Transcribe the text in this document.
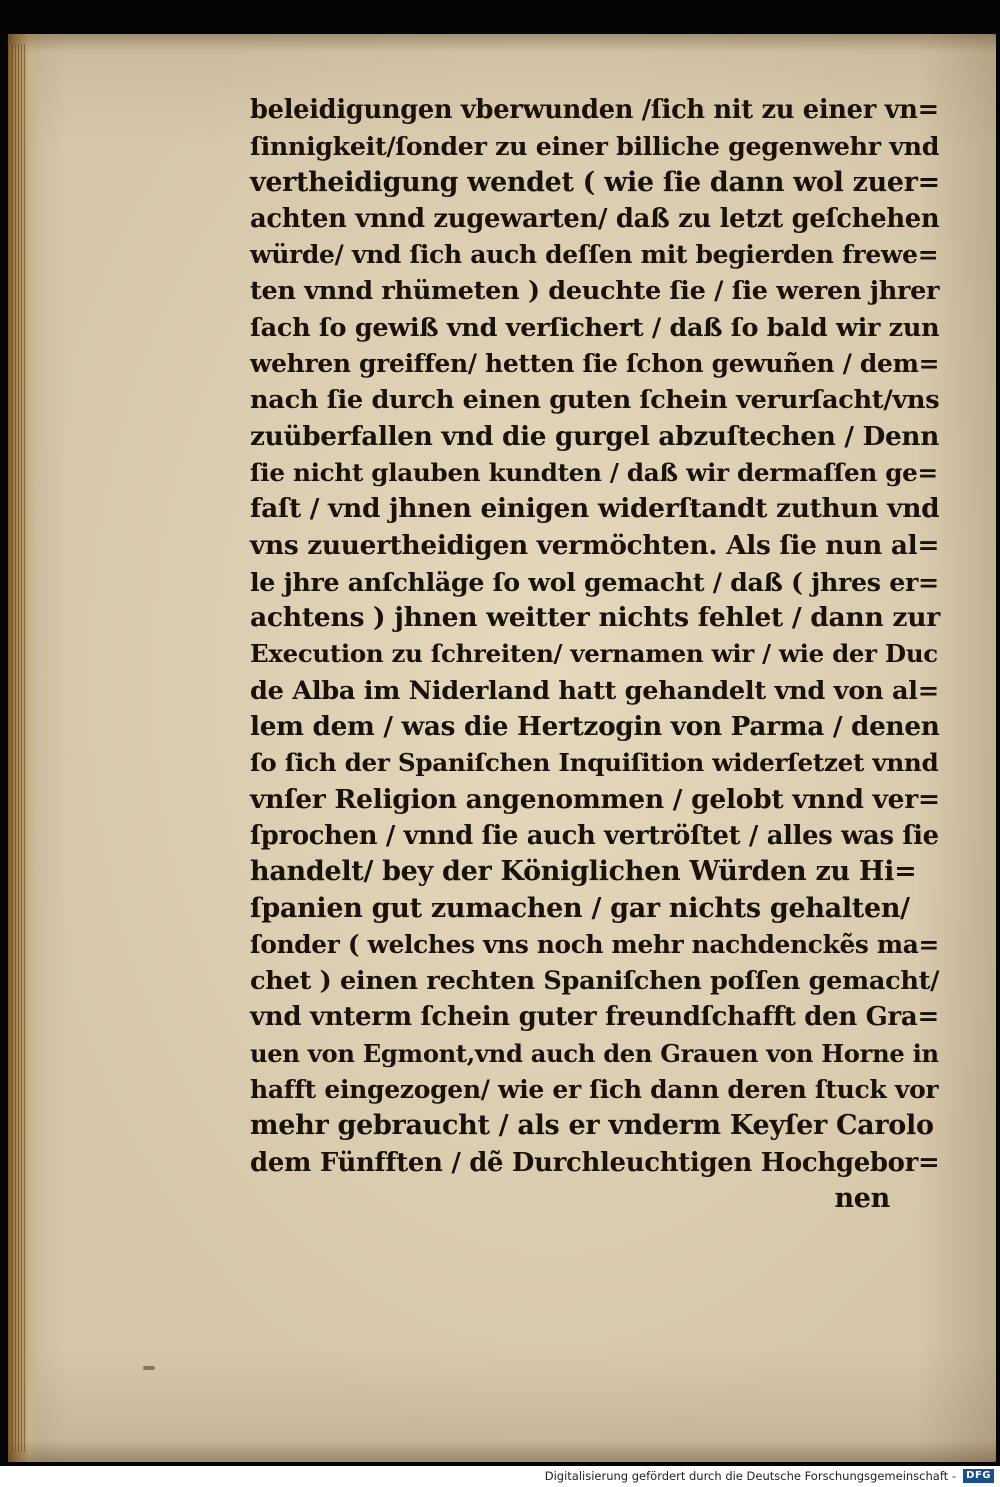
beleidigungen vberwunden /ſich nit zu einer vn=
ſinnigkeit/ſonder zu einer billiche gegenwehr vnd
vertheidigung wendet ( wie ſie dann wol zuer=
achten vnnd zugewarten/ daß zu letzt geſchehen
würde/ vnd ſich auch deſſen mit begierden frewe=
ten vnnd rhümeten ) deuchte ſie / ſie weren jhrer
ſach ſo gewiß vnd verſichert / daß ſo bald wir zun
wehren greiffen/ hetten ſie ſchon gewuñen / dem=
nach ſie durch einen guten ſchein verurſacht/vns
zuüberfallen vnd die gurgel abzuſtechen / Denn
ſie nicht glauben kundten / daß wir dermaſſen ge=
faſt / vnd jhnen einigen widerſtandt zuthun vnd
vns zuuertheidigen vermöchten. Als ſie nun al=
le jhre anſchläge ſo wol gemacht / daß ( jhres er=
achtens ) jhnen weitter nichts fehlet / dann zur
Execution zu ſchreiten/ vernamen wir / wie der Duc
de Alba im Niderland hatt gehandelt vnd von al=
lem dem / was die Hertzogin von Parma / denen
ſo ſich der Spaniſchen Inquiſition widerſetzet vnnd
vnſer Religion angenommen / gelobt vnnd ver=
ſprochen / vnnd ſie auch vertröſtet / alles was ſie
handelt/ bey der Königlichen Würden zu Hi=
ſpanien gut zumachen / gar nichts gehalten/
ſonder ( welches vns noch mehr nachdenckẽs ma=
chet ) einen rechten Spaniſchen poſſen gemacht/
vnd vnterm ſchein guter freundſchafft den Gra=
uen von Egmont,vnd auch den Grauen von Horne in
hafft eingezogen/ wie er ſich dann deren ſtuck vor
mehr gebraucht / als er vnderm Keyſer Carolo
dem Fünfften / dẽ Durchleuchtigen Hochgebor=
nen
Digitalisierung gefördert durch die Deutsche Forschungsgemeinschaft -	DFG
